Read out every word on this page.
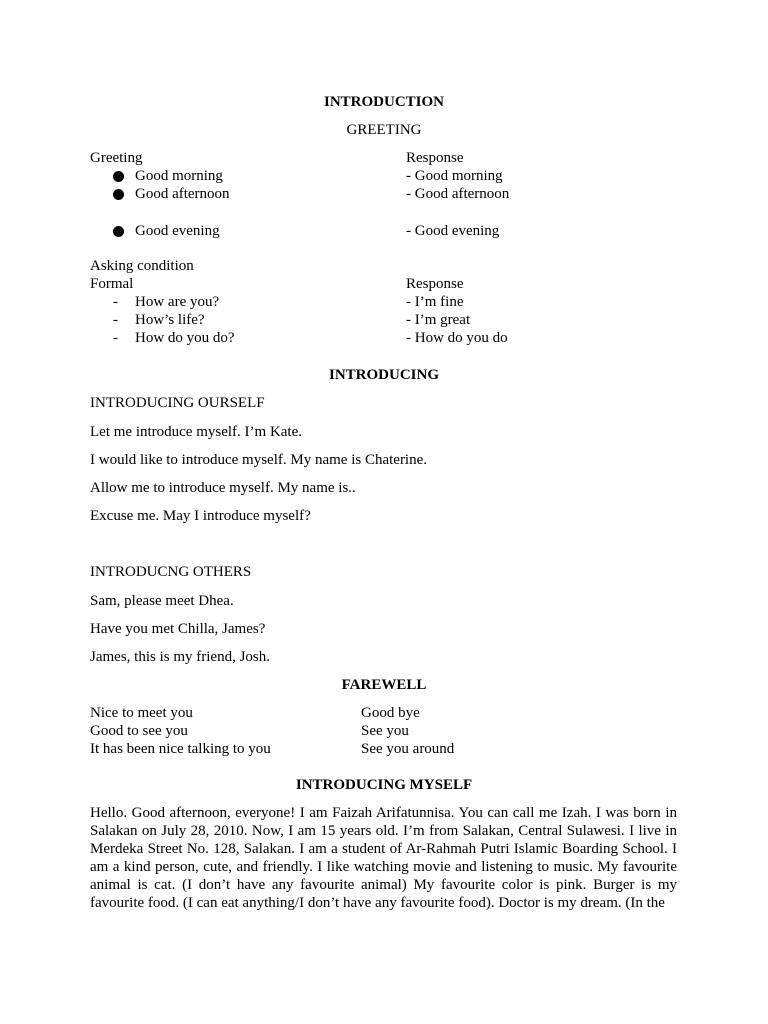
INTRODUCTION
GREETING
Greeting	Response
Good morning	- Good morning
Good afternoon	- Good afternoon
Good evening	- Good evening
Asking condition
Formal	Response
- How are you?	- I’m fine
- How’s life?	- I’m great
- How do you do?	- How do you do
INTRODUCING
INTRODUCING OURSELF
Let me introduce myself. I’m Kate.
I would like to introduce myself. My name is Chaterine.
Allow me to introduce myself. My name is..
Excuse me. May I introduce myself?
INTRODUCNG OTHERS
Sam, please meet Dhea.
Have you met Chilla, James?
James, this is my friend, Josh.
FAREWELL
Nice to meet you	Good bye
Good to see you	See you
It has been nice talking to you	See you around
INTRODUCING MYSELF
Hello. Good afternoon, everyone! I am Faizah Arifatunnisa. You can call me Izah. I was born in Salakan on July 28, 2010. Now, I am 15 years old. I’m from Salakan, Central Sulawesi. I live in Merdeka Street No. 128, Salakan. I am a student of Ar-Rahmah Putri Islamic Boarding School. I am a kind person, cute, and friendly. I like watching movie and listening to music. My favourite animal is cat. (I don’t have any favourite animal) My favourite color is pink. Burger is my favourite food. (I can eat anything/I don’t have any favourite food). Doctor is my dream. (In the
